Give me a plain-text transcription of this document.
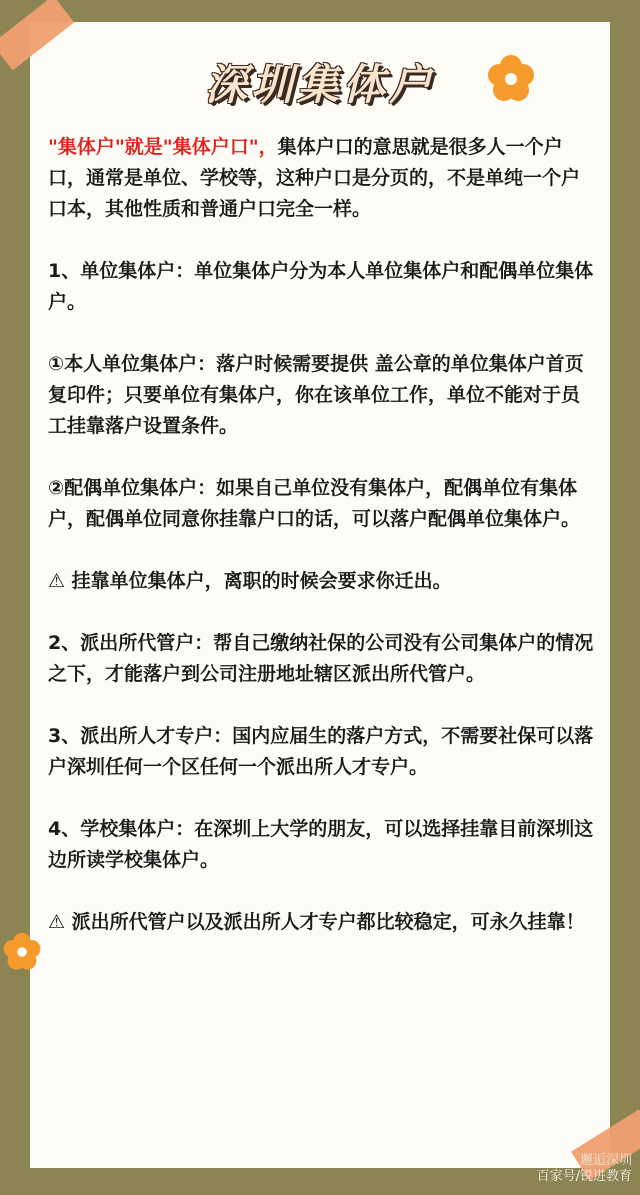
深圳集体户

"集体户"就是"集体户口"，集体户口的意思就是很多人一个户口，通常是单位、学校等，这种户口是分页的，不是单纯一个户口本，其他性质和普通户口完全一样。

1、单位集体户：单位集体户分为本人单位集体户和配偶单位集体户。

①本人单位集体户：落户时候需要提供 盖公章的单位集体户首页复印件；只要单位有集体户，你在该单位工作，单位不能对于员工挂靠落户设置条件。

②配偶单位集体户：如果自己单位没有集体户，配偶单位有集体户，配偶单位同意你挂靠户口的话，可以落户配偶单位集体户。

⚠ 挂靠单位集体户，离职的时候会要求你迁出。

2、派出所代管户：帮自己缴纳社保的公司没有公司集体户的情况之下，才能落户到公司注册地址辖区派出所代管户。

3、派出所人才专户：国内应届生的落户方式，不需要社保可以落户深圳任何一个区任何一个派出所人才专户。

4、学校集体户：在深圳上大学的朋友，可以选择挂靠目前深圳这边所读学校集体户。

⚠ 派出所代管户以及派出所人才专户都比较稳定，可永久挂靠！

邂逅深圳
百家号/锐进教育
